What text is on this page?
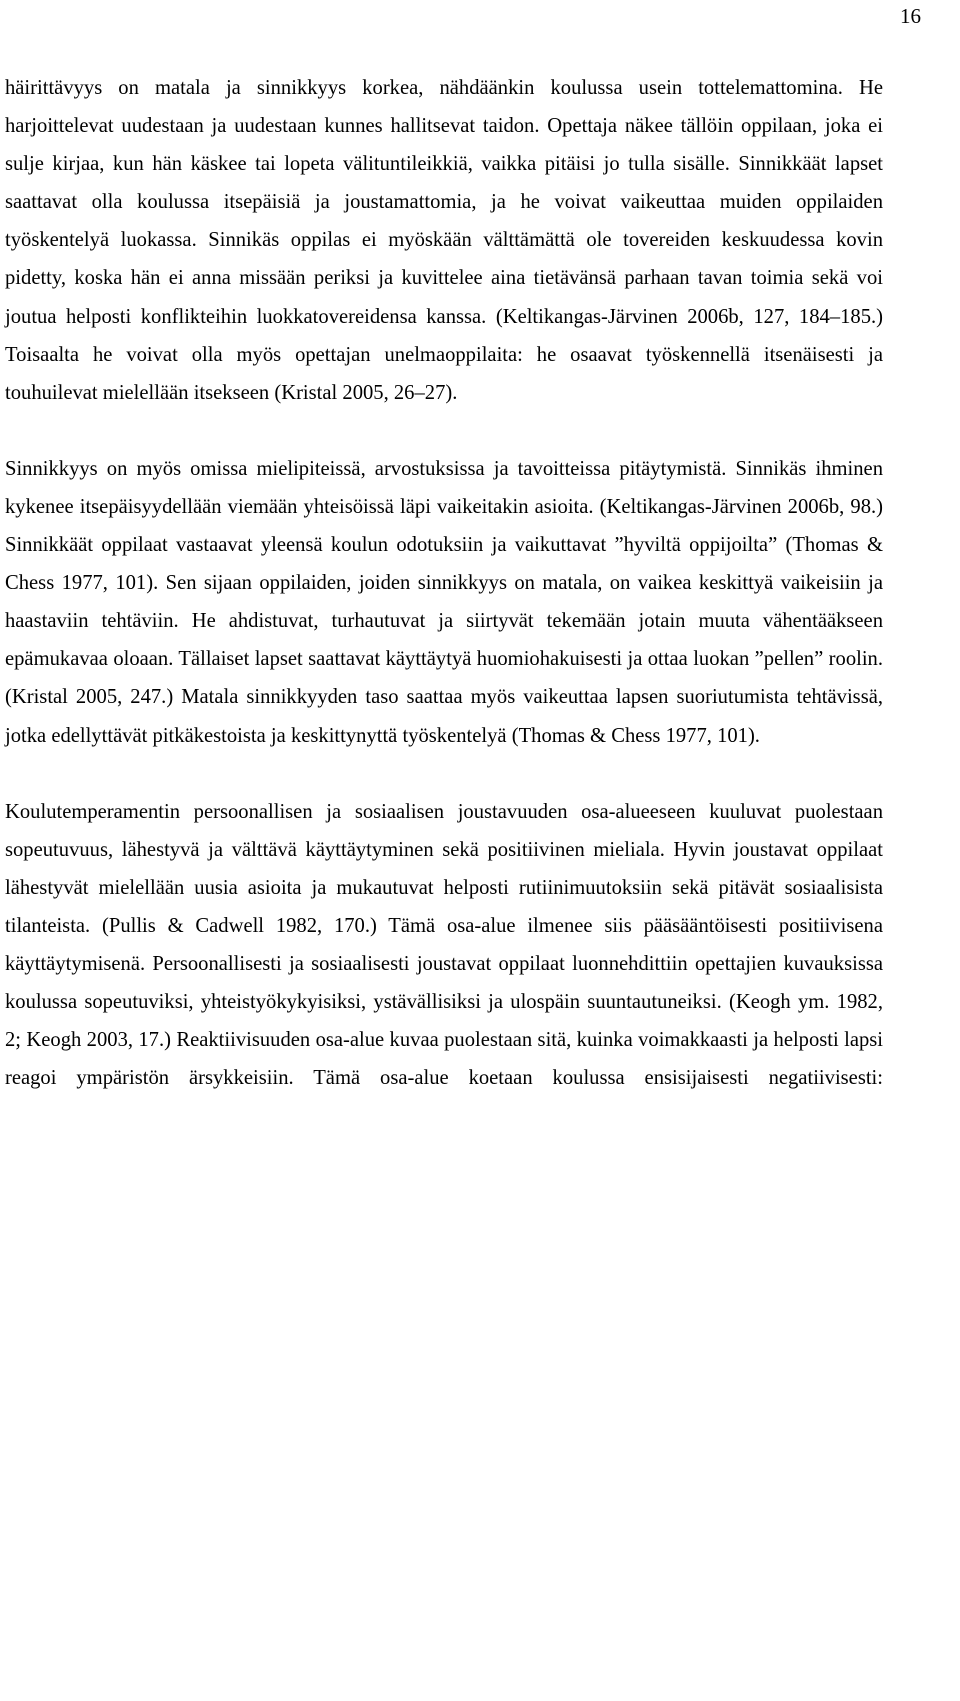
16

häirittävyys on matala ja sinnikkyys korkea, nähdäänkin koulussa usein tottelemattomina. He harjoittelevat uudestaan ja uudestaan kunnes hallitsevat taidon. Opettaja näkee tällöin oppilaan, joka ei sulje kirjaa, kun hän käskee tai lopeta välituntileikkiä, vaikka pitäisi jo tulla sisälle. Sinnikkäät lapset saattavat olla koulussa itsepäisiä ja joustamattomia, ja he voivat vaikeuttaa muiden oppilaiden työskentelyä luokassa. Sinnikäs oppilas ei myöskään välttämättä ole tovereiden keskuudessa kovin pidetty, koska hän ei anna missään periksi ja kuvittelee aina tietävänsä parhaan tavan toimia sekä voi joutua helposti konflikteihin luokkatovereidensa kanssa. (Keltikangas-Järvinen 2006b, 127, 184–185.) Toisaalta he voivat olla myös opettajan unelmaoppilaita: he osaavat työskennellä itsenäisesti ja touhuilevat mielellään itsekseen (Kristal 2005, 26–27).

Sinnikkyys on myös omissa mielipiteissä, arvostuksissa ja tavoitteissa pitäytymistä. Sinnikäs ihminen kykenee itsepäisyydellään viemään yhteisöissä läpi vaikeitakin asioita. (Keltikangas-Järvinen 2006b, 98.) Sinnikkäät oppilaat vastaavat yleensä koulun odotuksiin ja vaikuttavat ”hyviltä oppijoilta” (Thomas & Chess 1977, 101). Sen sijaan oppilaiden, joiden sinnikkyys on matala, on vaikea keskittyä vaikeisiin ja haastaviin tehtäviin. He ahdistuvat, turhautuvat ja siirtyvät tekemään jotain muuta vähentääkseen epämukavaa oloaan. Tällaiset lapset saattavat käyttäytyä huomiohakuisesti ja ottaa luokan ”pellen” roolin. (Kristal 2005, 247.) Matala sinnikkyyden taso saattaa myös vaikeuttaa lapsen suoriutumista tehtävissä, jotka edellyttävät pitkäkestoista ja keskittynyttä työskentelyä (Thomas & Chess 1977, 101).

Koulutemperamentin persoonallisen ja sosiaalisen joustavuuden osa-alueeseen kuuluvat puolestaan sopeutuvuus, lähestyvä ja välttävä käyttäytyminen sekä positiivinen mieliala. Hyvin joustavat oppilaat lähestyvät mielellään uusia asioita ja mukautuvat helposti rutiinimuutoksiin sekä pitävät sosiaalisista tilanteista. (Pullis & Cadwell 1982, 170.) Tämä osa-alue ilmenee siis pääsääntöisesti positiivisena käyttäytymisenä. Persoonallisesti ja sosiaalisesti joustavat oppilaat luonnehdittiin opettajien kuvauksissa koulussa sopeutuviksi, yhteistyökykyisiksi, ystävällisiksi ja ulospäin suuntautuneiksi. (Keogh ym. 1982, 2; Keogh 2003, 17.) Reaktiivisuuden osa-alue kuvaa puolestaan sitä, kuinka voimakkaasti ja helposti lapsi reagoi ympäristön ärsykkeisiin. Tämä osa-alue koetaan koulussa ensisijaisesti negatiivisesti:
